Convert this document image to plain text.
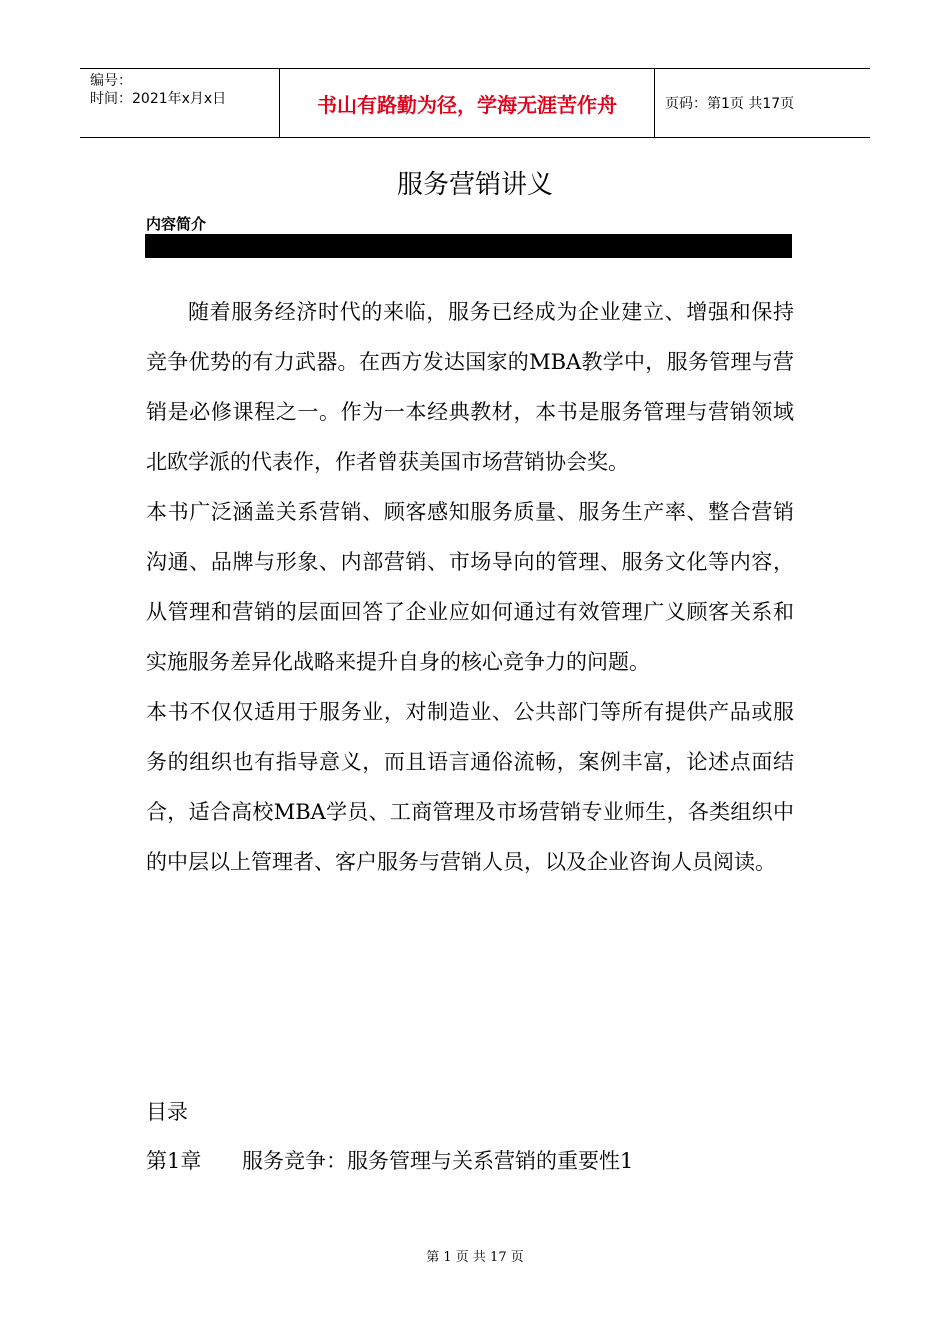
编号：
时间：2021年x月x日	书山有路勤为径，学海无涯苦作舟	页码：第1页 共17页
服务营销讲义
内容简介

随着服务经济时代的来临，服务已经成为企业建立、增强和保持竞争优势的有力武器。在西方发达国家的MBA教学中，服务管理与营销是必修课程之一。作为一本经典教材，本书是服务管理与营销领域北欧学派的代表作，作者曾获美国市场营销协会奖。

本书广泛涵盖关系营销、顾客感知服务质量、服务生产率、整合营销沟通、品牌与形象、内部营销、市场导向的管理、服务文化等内容，从管理和营销的层面回答了企业应如何通过有效管理广义顾客关系和实施服务差异化战略来提升自身的核心竞争力的问题。

本书不仅仅适用于服务业，对制造业、公共部门等所有提供产品或服务的组织也有指导意义，而且语言通俗流畅，案例丰富，论述点面结合，适合高校MBA学员、工商管理及市场营销专业师生，各类组织中的中层以上管理者、客户服务与营销人员，以及企业咨询人员阅读。

目录
第1章 服务竞争：服务管理与关系营销的重要性1
第 1 页 共 17 页
